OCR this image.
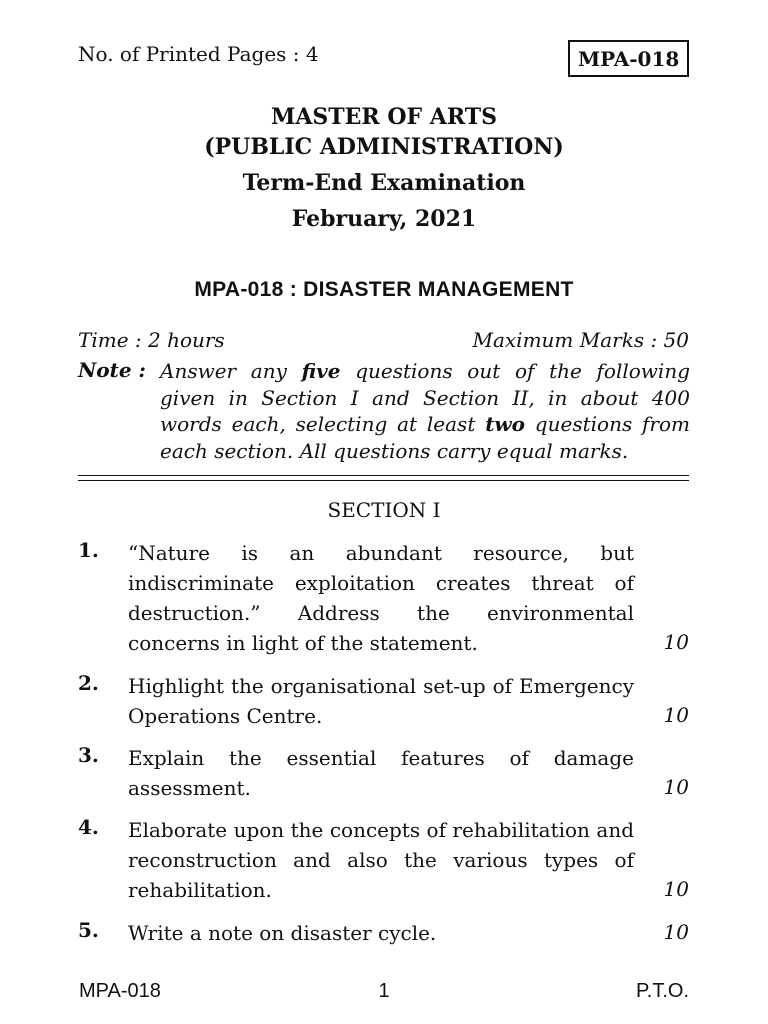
No. of Printed Pages : 4	MPA-018
MASTER OF ARTS
(PUBLIC ADMINISTRATION)
Term-End Examination
February, 2021
MPA-018 : DISASTER MANAGEMENT
Time : 2 hours	Maximum Marks : 50
Note : Answer any five questions out of the following given in Section I and Section II, in about 400 words each, selecting at least two questions from each section. All questions carry equal marks.
SECTION I
1. “Nature is an abundant resource, but indiscriminate exploitation creates threat of destruction.” Address the environmental concerns in light of the statement.	10
2. Highlight the organisational set-up of Emergency Operations Centre.	10
3. Explain the essential features of damage assessment.	10
4. Elaborate upon the concepts of rehabilitation and reconstruction and also the various types of rehabilitation.	10
5. Write a note on disaster cycle.	10
MPA-018	1	P.T.O.
